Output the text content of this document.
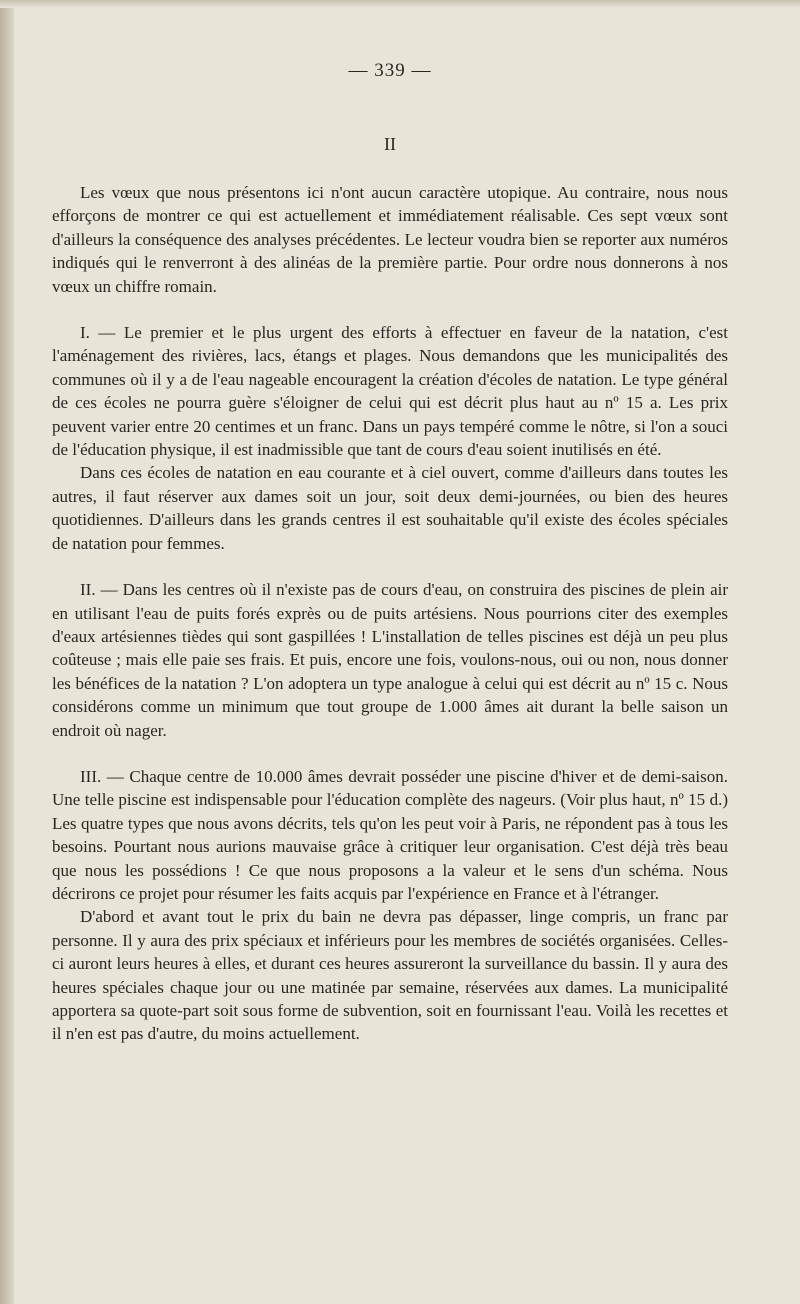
— 339 —
II

Les vœux que nous présentons ici n'ont aucun caractère utopique. Au contraire, nous nous efforçons de montrer ce qui est actuellement et immédiatement réalisable. Ces sept vœux sont d'ailleurs la conséquence des analyses précédentes. Le lecteur voudra bien se reporter aux numéros indiqués qui le renverront à des alinéas de la première partie. Pour ordre nous donnerons à nos vœux un chiffre romain.

I. — Le premier et le plus urgent des efforts à effectuer en faveur de la natation, c'est l'aménagement des rivières, lacs, étangs et plages. Nous demandons que les municipalités des communes où il y a de l'eau nageable encouragent la création d'écoles de natation. Le type général de ces écoles ne pourra guère s'éloigner de celui qui est décrit plus haut au nº 15 a. Les prix peuvent varier entre 20 centimes et un franc. Dans un pays tempéré comme le nôtre, si l'on a souci de l'éducation physique, il est inadmissible que tant de cours d'eau soient inutilisés en été.

Dans ces écoles de natation en eau courante et à ciel ouvert, comme d'ailleurs dans toutes les autres, il faut réserver aux dames soit un jour, soit deux demi-journées, ou bien des heures quotidiennes. D'ailleurs dans les grands centres il est souhaitable qu'il existe des écoles spéciales de natation pour femmes.

II. — Dans les centres où il n'existe pas de cours d'eau, on construira des piscines de plein air en utilisant l'eau de puits forés exprès ou de puits artésiens. Nous pourrions citer des exemples d'eaux artésiennes tièdes qui sont gaspillées ! L'installation de telles piscines est déjà un peu plus coûteuse ; mais elle paie ses frais. Et puis, encore une fois, voulons-nous, oui ou non, nous donner les bénéfices de la natation ? L'on adoptera un type analogue à celui qui est décrit au nº 15 c. Nous considérons comme un minimum que tout groupe de 1.000 âmes ait durant la belle saison un endroit où nager.

III. — Chaque centre de 10.000 âmes devrait posséder une piscine d'hiver et de demi-saison. Une telle piscine est indispensable pour l'éducation complète des nageurs. (Voir plus haut, nº 15 d.) Les quatre types que nous avons décrits, tels qu'on les peut voir à Paris, ne répondent pas à tous les besoins. Pourtant nous aurions mauvaise grâce à critiquer leur organisation. C'est déjà très beau que nous les possédions ! Ce que nous proposons a la valeur et le sens d'un schéma. Nous décrirons ce projet pour résumer les faits acquis par l'expérience en France et à l'étranger.

D'abord et avant tout le prix du bain ne devra pas dépasser, linge compris, un franc par personne. Il y aura des prix spéciaux et inférieurs pour les membres de sociétés organisées. Celles-ci auront leurs heures à elles, et durant ces heures assureront la surveillance du bassin. Il y aura des heures spéciales chaque jour ou une matinée par semaine, réservées aux dames. La municipalité apportera sa quote-part soit sous forme de subvention, soit en fournissant l'eau. Voilà les recettes et il n'en est pas d'autre, du moins actuellement.
